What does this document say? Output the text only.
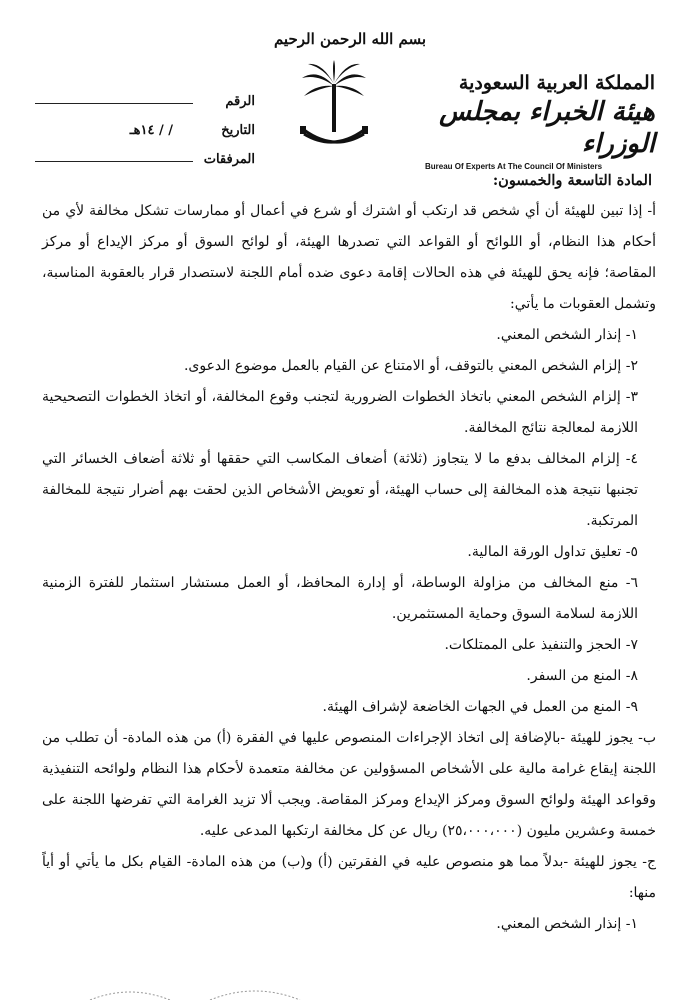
بسم الله الرحمن الرحيم
المملكة العربية السعودية
هيئة الخبراء بمجلس الوزراء
Bureau Of Experts At The Council Of Ministers
الرقم
التاريخ
/ / ١٤هـ
المرفقات
المادة التاسعة والخمسون:
أ- إذا تبين للهيئة أن أي شخص قد ارتكب أو اشترك أو شرع في أعمال أو ممارسات تشكل مخالفة لأي من أحكام هذا النظام، أو اللوائح أو القواعد التي تصدرها الهيئة، أو لوائح السوق أو مركز الإيداع أو مركز المقاصة؛ فإنه يحق للهيئة في هذه الحالات إقامة دعوى ضده أمام اللجنة لاستصدار قرار بالعقوبة المناسبة، وتشمل العقوبات ما يأتي:
١- إنذار الشخص المعني.
٢- إلزام الشخص المعني بالتوقف، أو الامتناع عن القيام بالعمل موضوع الدعوى.
٣- إلزام الشخص المعني باتخاذ الخطوات الضرورية لتجنب وقوع المخالفة، أو اتخاذ الخطوات التصحيحية اللازمة لمعالجة نتائج المخالفة.
٤- إلزام المخالف بدفع ما لا يتجاوز (ثلاثة) أضعاف المكاسب التي حققها أو ثلاثة أضعاف الخسائر التي تجنبها نتيجة هذه المخالفة إلى حساب الهيئة، أو تعويض الأشخاص الذين لحقت بهم أضرار نتيجة للمخالفة المرتكبة.
٥- تعليق تداول الورقة المالية.
٦- منع المخالف من مزاولة الوساطة، أو إدارة المحافظ، أو العمل مستشار استثمار للفترة الزمنية اللازمة لسلامة السوق وحماية المستثمرين.
٧- الحجز والتنفيذ على الممتلكات.
٨- المنع من السفر.
٩- المنع من العمل في الجهات الخاضعة لإشراف الهيئة.
ب- يجوز للهيئة -بالإضافة إلى اتخاذ الإجراءات المنصوص عليها في الفقرة (أ) من هذه المادة- أن تطلب من اللجنة إيقاع غرامة مالية على الأشخاص المسؤولين عن مخالفة متعمدة لأحكام هذا النظام ولوائحه التنفيذية وقواعد الهيئة ولوائح السوق ومركز الإيداع ومركز المقاصة. ويجب ألا تزيد الغرامة التي تفرضها اللجنة على خمسة وعشرين مليون (٢٥،٠٠٠،٠٠٠) ريال عن كل مخالفة ارتكبها المدعى عليه.
ج- يجوز للهيئة -بدلاً مما هو منصوص عليه في الفقرتين (أ) و(ب) من هذه المادة- القيام بكل ما يأتي أو أياً منها:
١- إنذار الشخص المعني.
